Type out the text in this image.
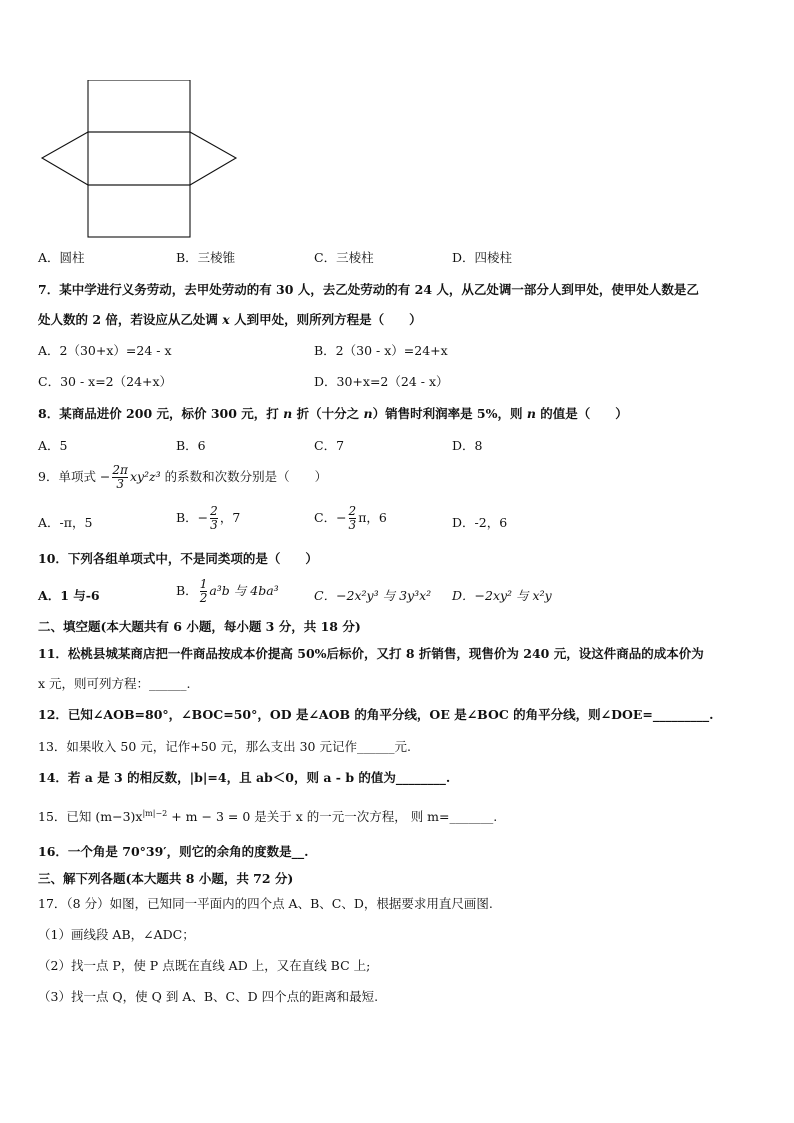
A．圆柱	B．三棱锥	C．三棱柱	D．四棱柱
7．某中学进行义务劳动，去甲处劳动的有 30 人，去乙处劳动的有 24 人，从乙处调一部分人到甲处，使甲处人数是乙
处人数的 2 倍，若设应从乙处调 x 人到甲处，则所列方程是（　　）
A．2（30+x）=24 - x	B．2（30 - x）=24+x
C．30 - x=2（24+x）	D．30+x=2（24 - x）
8．某商品进价 200 元，标价 300 元，打 n 折（十分之 n）销售时利润率是 5%，则 n 的值是（　　）
A．5	B．6	C．7	D．8
9．单项式 − $\frac{2\pi}{3} xy^2z^3$ 的系数和次数分别是（　　）
A．-π，5	B．− $\frac{2}{3}$ ，7	C．− $\frac{2}{3}$ π，6	D．-2，6
10．下列各组单项式中，不是同类项的是（　　）
A．1 与-6	B． $\frac{1}{2} a^3b$ 与 4ba³	C．−2x²y³ 与 3y³x² D．−2xy² 与 x²y
二、填空题(本大题共有 6 小题，每小题 3 分，共 18 分)
11．松桃县城某商店把一件商品按成本价提高 50%后标价，又打 8 折销售，现售价为 240 元，设这件商品的成本价为
x 元，则可列方程：______.
12．已知∠AOB=80°，∠BOC=50°，OD 是∠AOB 的角平分线，OE 是∠BOC 的角平分线，则∠DOE=_________.
13．如果收入 50 元，记作+50 元，那么支出 30 元记作______元.
14．若 a 是 3 的相反数，|b|=4，且 ab＜0，则 a - b 的值为________.
15．已知 $(m-3)x^{|m|-2} + m - 3 = 0$ 是关于 x 的一元一次方程， 则 m=_______.
16．一个角是 70°39′，则它的余角的度数是__.
三、解下列各题(本大题共 8 小题，共 72 分)
17．（8 分）如图，已知同一平面内的四个点 A、B、C、D，根据要求用直尺画图.
（1）画线段 AB，∠ADC；
（2）找一点 P，使 P 点既在直线 AD 上，又在直线 BC 上;
（3）找一点 Q，使 Q 到 A、B、C、D 四个点的距离和最短.
